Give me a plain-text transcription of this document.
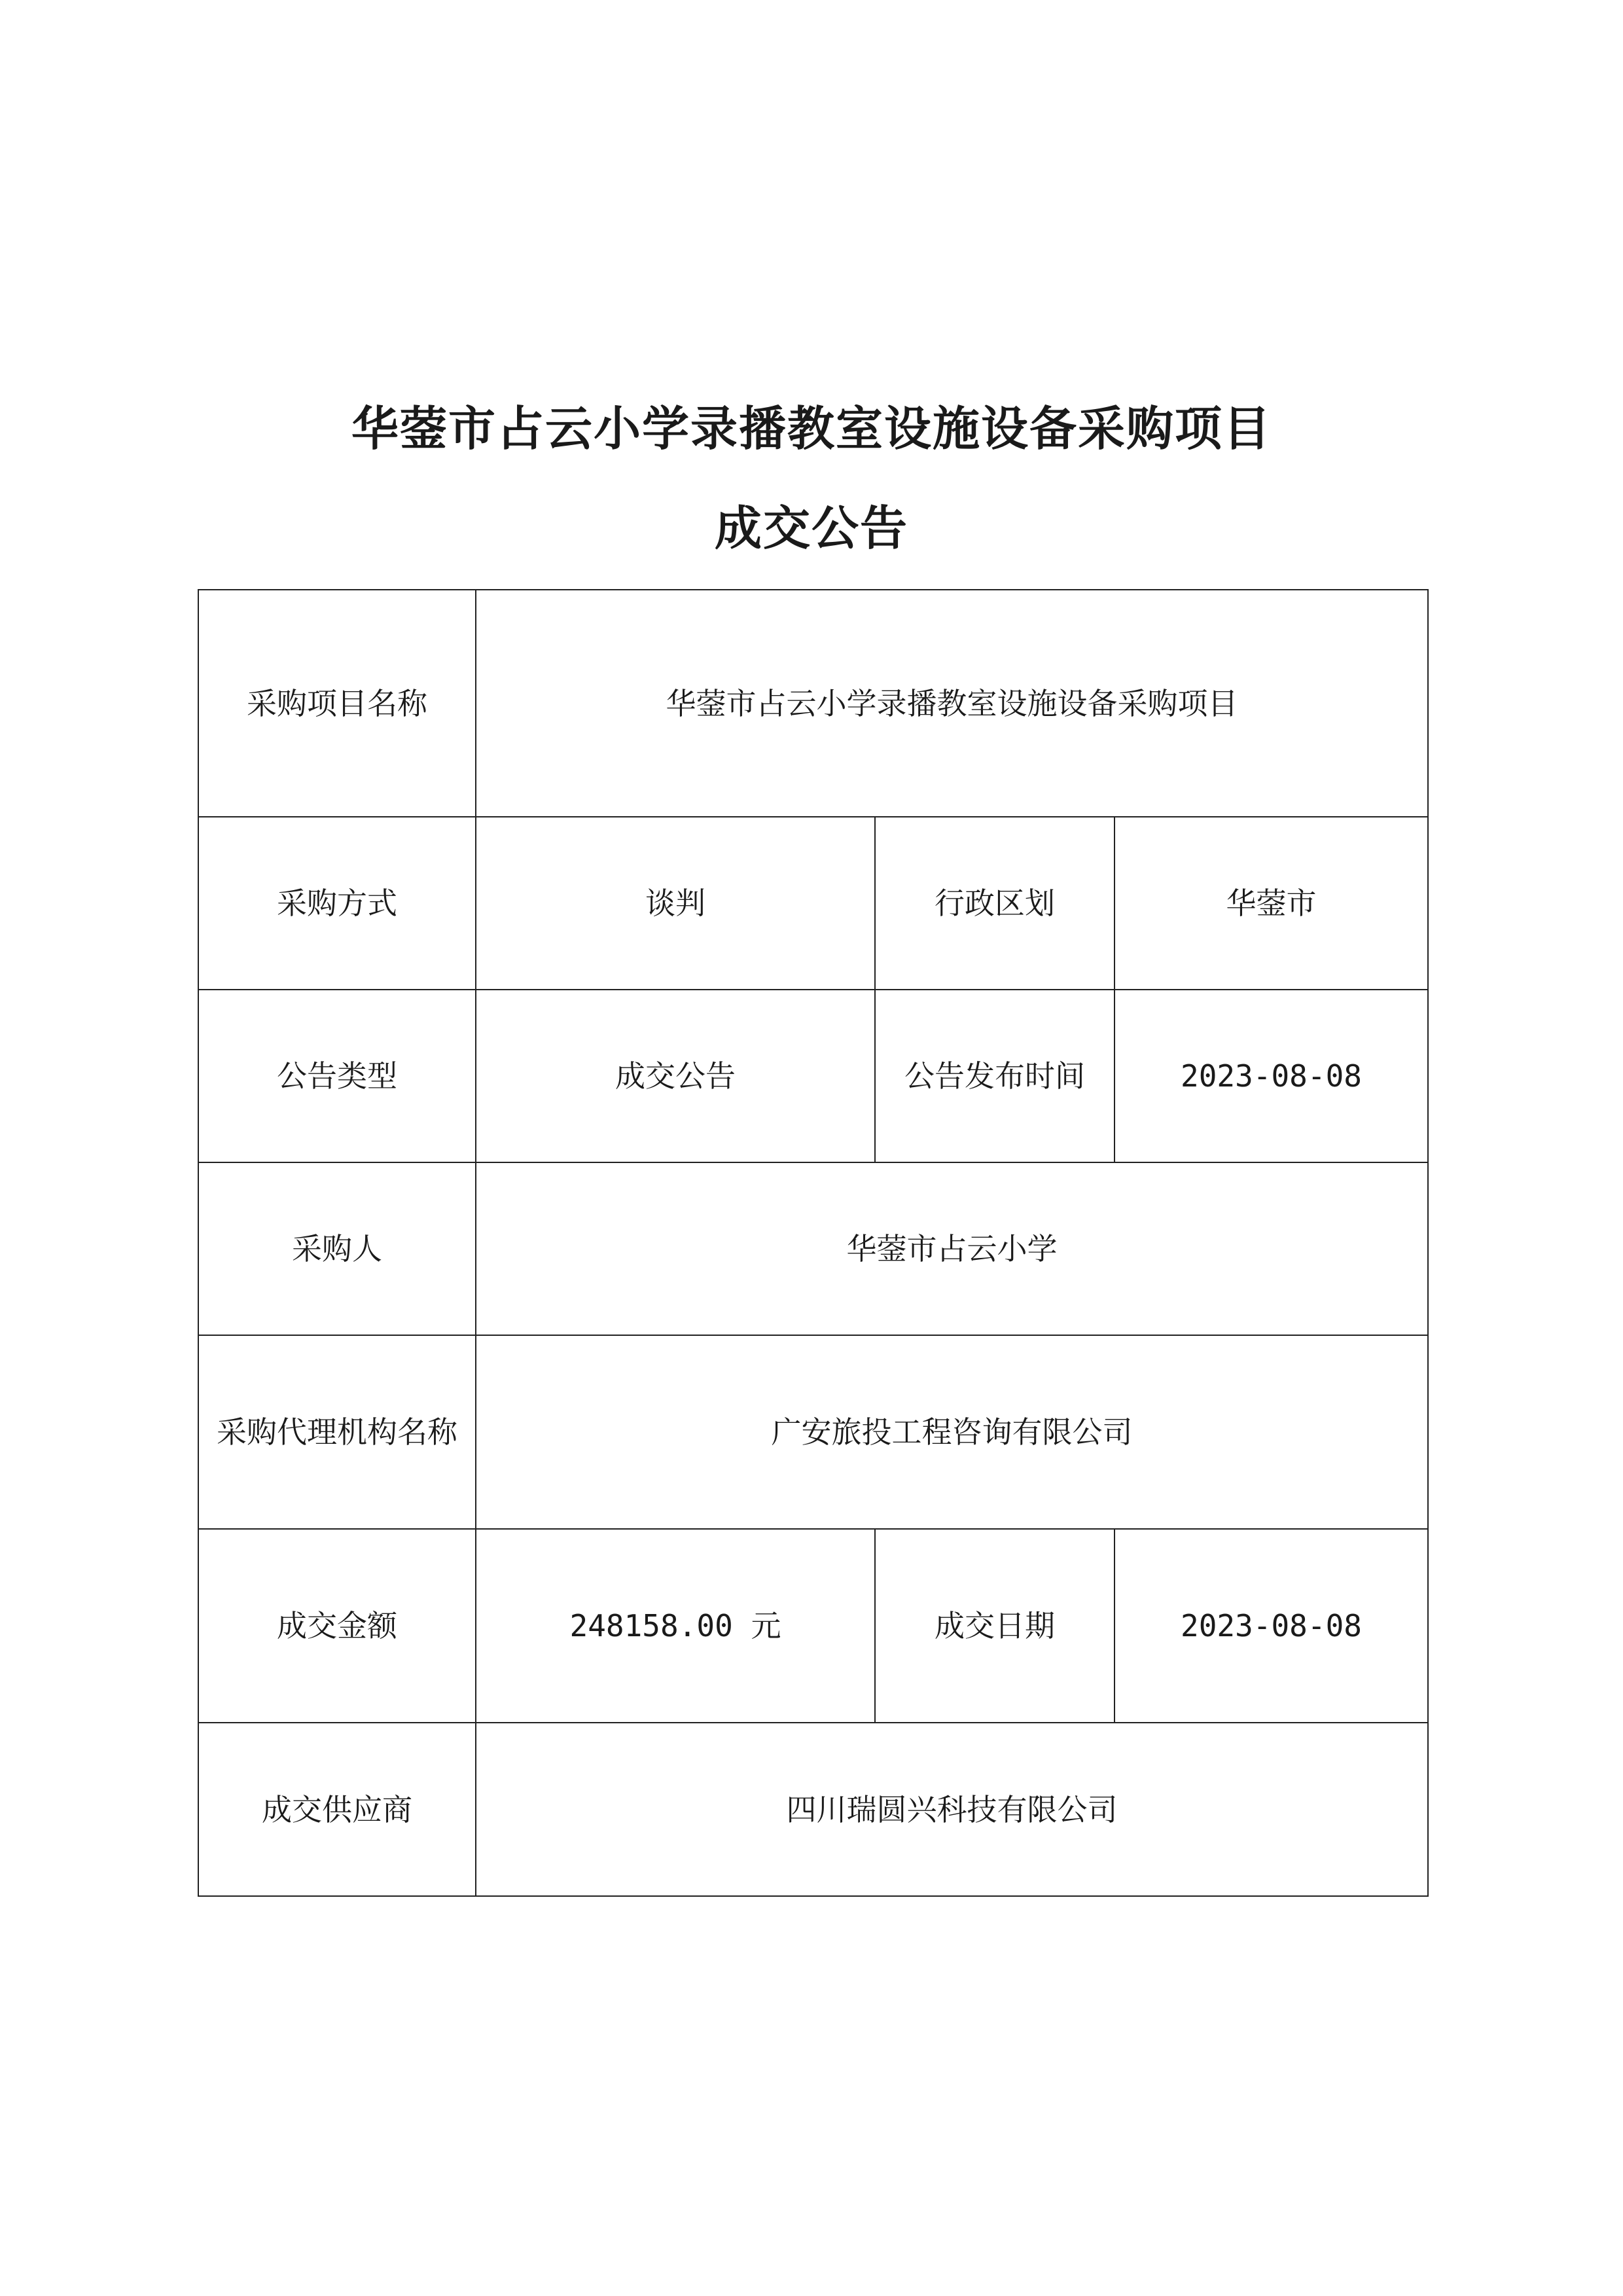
华蓥市占云小学录播教室设施设备采购项目
成交公告
采购项目名称	华蓥市占云小学录播教室设施设备采购项目		
采购方式	谈判	行政区划	华蓥市
公告类型	成交公告	公告发布时间	2023-08-08
采购人	华蓥市占云小学		
采购代理机构名称	广安旅投工程咨询有限公司		
成交金额	248158.00 元	成交日期	2023-08-08
成交供应商	四川瑞圆兴科技有限公司		
